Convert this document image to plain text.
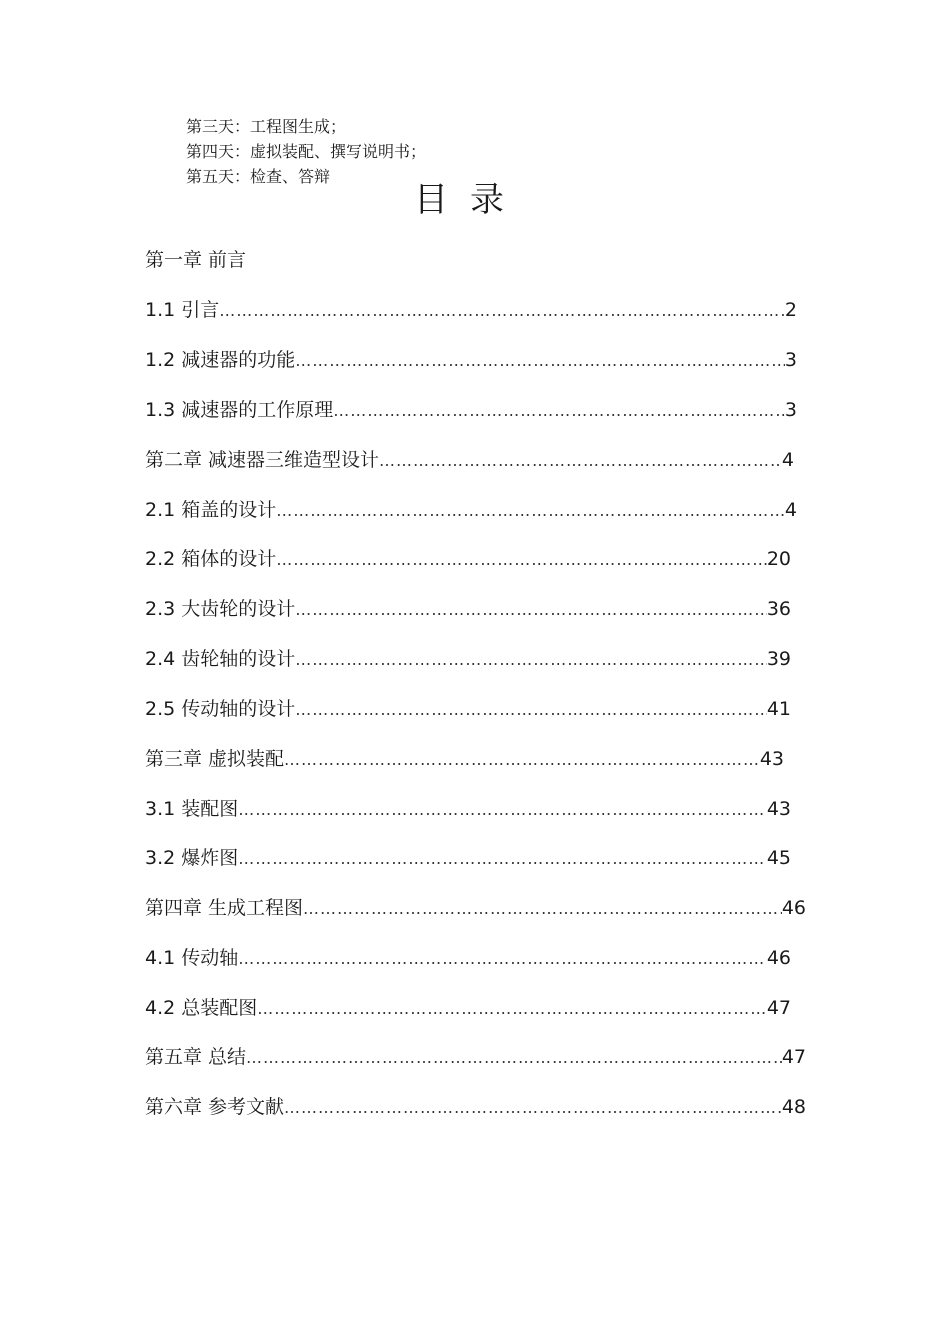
第三天：工程图生成；
第四天：虚拟装配、撰写说明书；
第五天：检查、答辩
目录
第一章 前言
1.1 引言 ……………………………………………………………………………………………………………………………………	2
1.2 减速器的功能 ……………………………………………………………………………………………………………………………………	3
1.3 减速器的工作原理 ……………………………………………………………………………………………………………………………………	3
第二章 减速器三维造型设计 ……………………………………………………………………………………………………………………………………	4
2.1 箱盖的设计 ……………………………………………………………………………………………………………………………………	4
2.2 箱体的设计 ……………………………………………………………………………………………………………………………………	20
2.3 大齿轮的设计 ……………………………………………………………………………………………………………………………………	36
2.4 齿轮轴的设计 ……………………………………………………………………………………………………………………………………	39
2.5 传动轴的设计 ……………………………………………………………………………………………………………………………………	41
第三章 虚拟装配 ……………………………………………………………………………………………………………………………………	43
3.1 装配图 ……………………………………………………………………………………………………………………………………	43
3.2 爆炸图 ……………………………………………………………………………………………………………………………………	45
第四章 生成工程图 ……………………………………………………………………………………………………………………………………	46
4.1 传动轴 ……………………………………………………………………………………………………………………………………	46
4.2 总装配图 ……………………………………………………………………………………………………………………………………	47
第五章 总结 ……………………………………………………………………………………………………………………………………	47
第六章 参考文献 ……………………………………………………………………………………………………………………………………	48
